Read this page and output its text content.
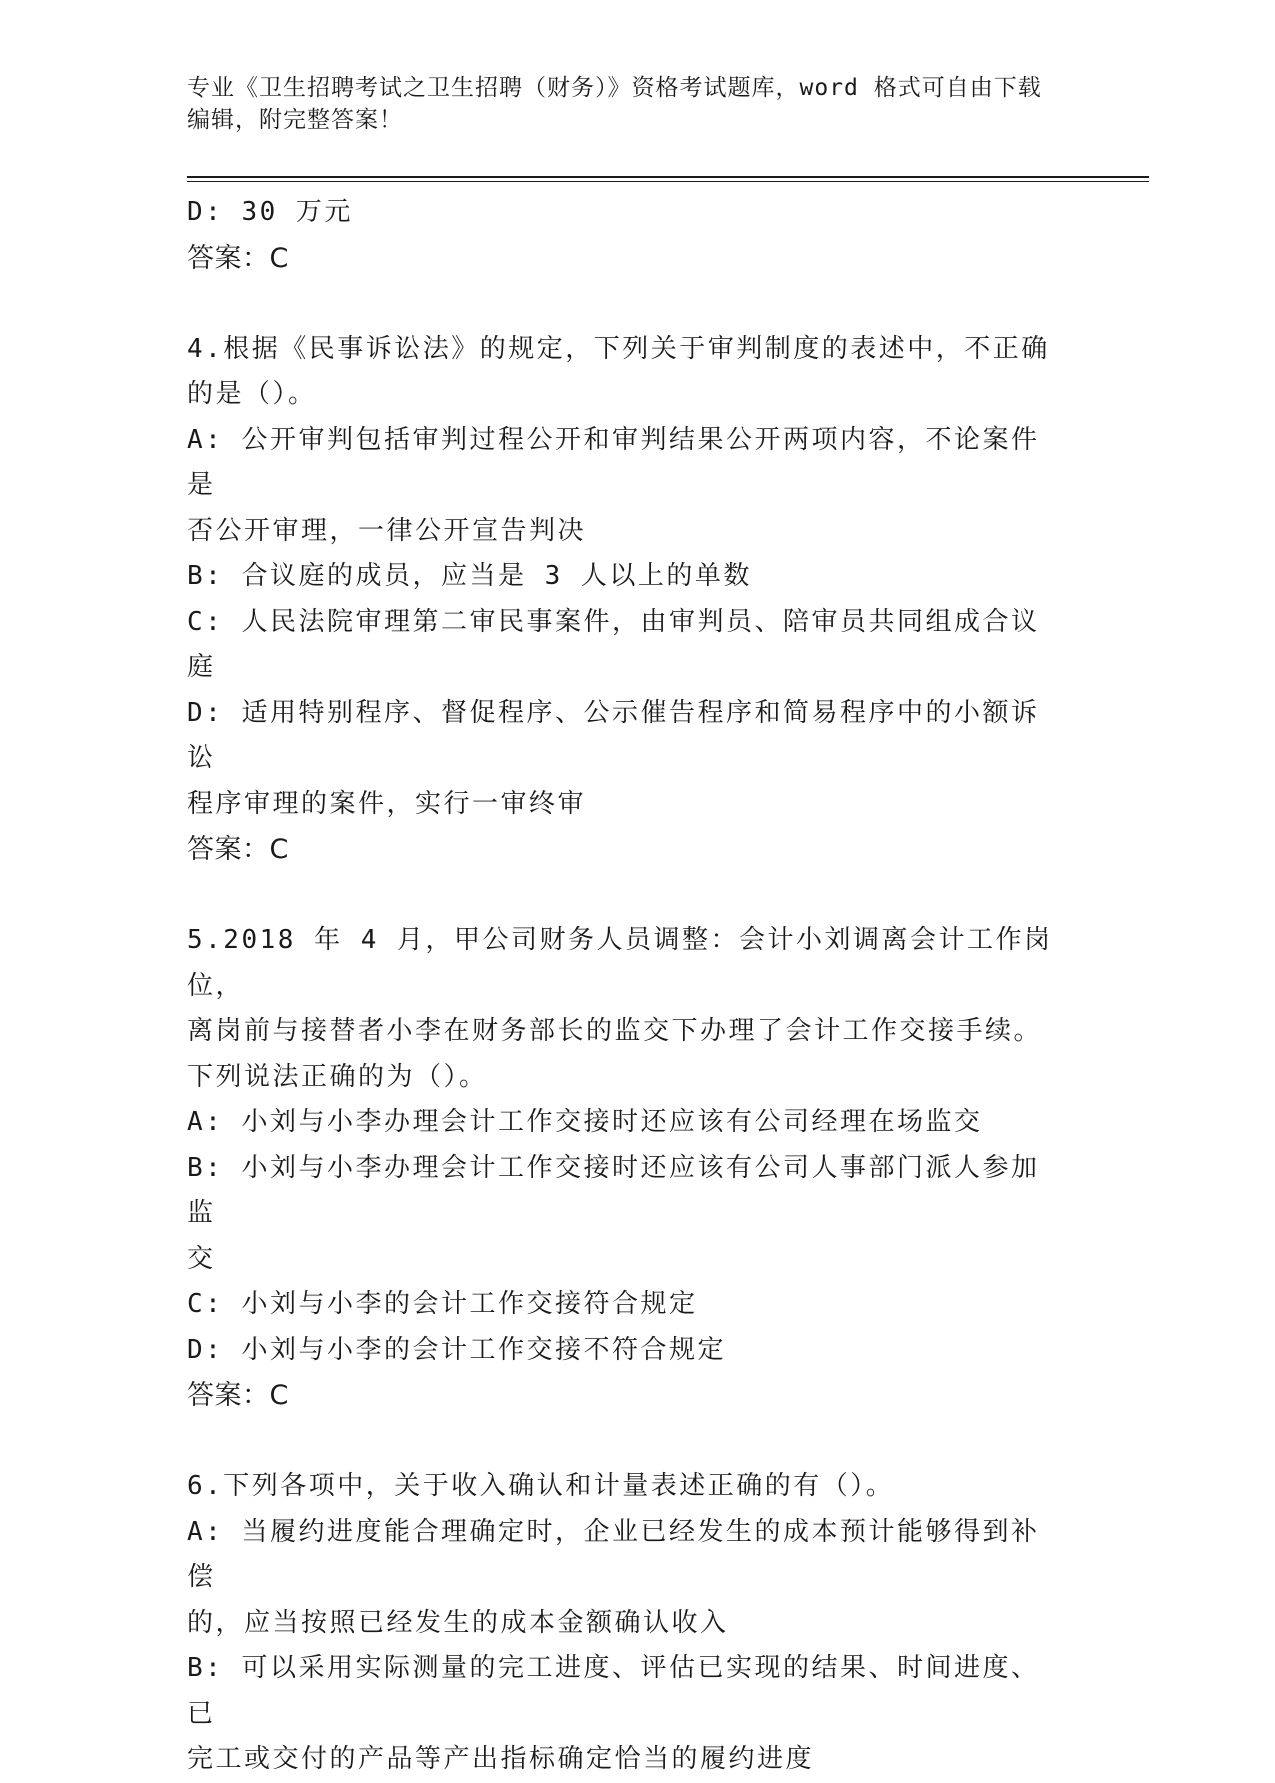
专业《卫生招聘考试之卫生招聘（财务）》资格考试题库，word 格式可自由下载
编辑，附完整答案！
D: 30 万元
答案：C
4.根据《民事诉讼法》的规定，下列关于审判制度的表述中，不正确
的是（）。
A: 公开审判包括审判过程公开和审判结果公开两项内容，不论案件是
否公开审理，一律公开宣告判决
B: 合议庭的成员，应当是 3 人以上的单数
C: 人民法院审理第二审民事案件，由审判员、陪审员共同组成合议庭
D: 适用特别程序、督促程序、公示催告程序和简易程序中的小额诉讼
程序审理的案件，实行一审终审
答案：C
5.2018 年 4 月，甲公司财务人员调整：会计小刘调离会计工作岗位，
离岗前与接替者小李在财务部长的监交下办理了会计工作交接手续。
下列说法正确的为（）。
A: 小刘与小李办理会计工作交接时还应该有公司经理在场监交
B: 小刘与小李办理会计工作交接时还应该有公司人事部门派人参加监
交
C: 小刘与小李的会计工作交接符合规定
D: 小刘与小李的会计工作交接不符合规定
答案：C
6.下列各项中，关于收入确认和计量表述正确的有（）。
A: 当履约进度能合理确定时，企业已经发生的成本预计能够得到补偿
的，应当按照已经发生的成本金额确认收入
B: 可以采用实际测量的完工进度、评估已实现的结果、时间进度、已
完工或交付的产品等产出指标确定恰当的履约进度
